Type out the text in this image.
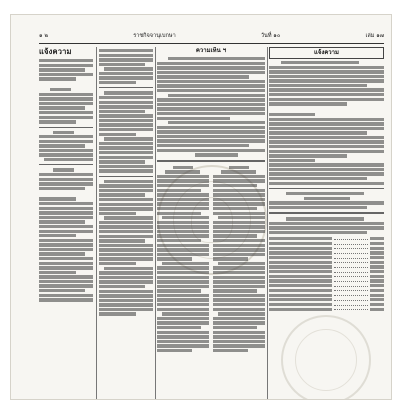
๑ ๒	ราชกิจจานุเบกษา	วันที่ ๑๐	เล่ม ๑๗
แจ้งความ	ความเห็น ฯ	แจ้งความ
